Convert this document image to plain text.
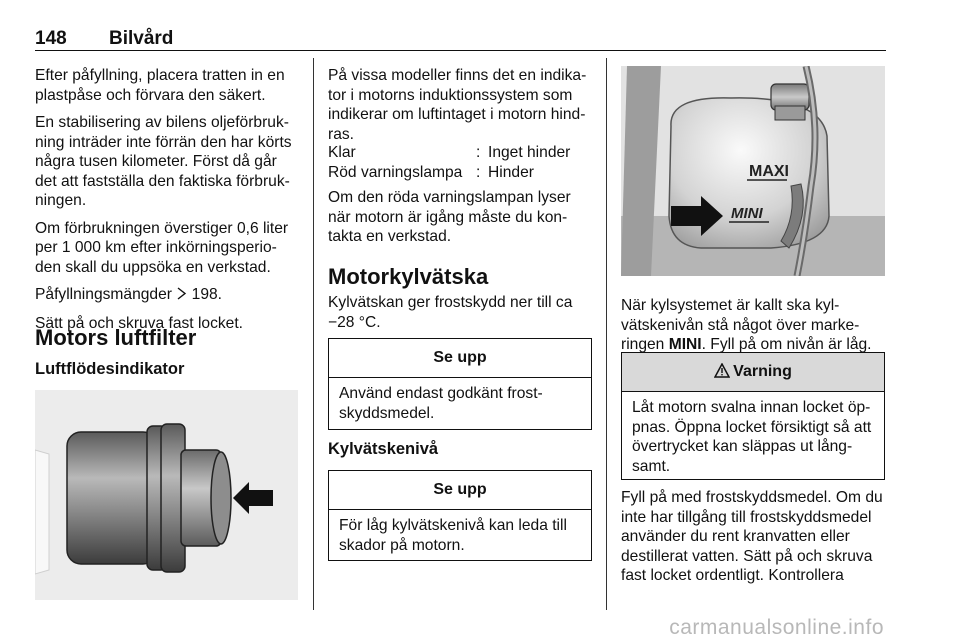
148 Bilvård

Efter påfyllning, placera tratten in en plastpåse och förvara den säkert.

En stabilisering av bilens oljeförbruk-ning inträder inte förrän den har körts några tusen kilometer. Först då går det att fastställa den faktiska förbruk-ningen.

Om förbrukningen överstiger 0,6 liter per 1 000 km efter inkörningsperio-den skall du uppsöka en verkstad.

Påfyllningsmängder 198.

Sätt på och skruva fast locket.

Motors luftfilter
Luftflödesindikator

På vissa modeller finns det en indika-tor i motorns induktionssystem som indikerar om luftintaget i motorn hind-ras.

Klar	: Inget hinder
Röd varningslampa : Hinder

Om den röda varningslampan lyser när motorn är igång måste du kon-takta en verkstad.

Motorkylvätska

Kylvätskan ger frostskydd ner till ca −28 °C.

Se upp
Använd endast godkänt frost-skyddsmedel.
Kylvätskenivå
Se upp
För låg kylvätskenivå kan leda till skador på motorn.
MAXI
MINI

När kylsystemet är kallt ska kyl-vätskenivån stå något över marke-ringen MINI. Fyll på om nivån är låg.

Varning
Låt motorn svalna innan locket öp-pnas. Öppna locket försiktigt så att övertrycket kan släppas ut lång-samt.

Fyll på med frostskyddsmedel. Om du inte har tillgång till frostskyddsmedel använder du rent kranvatten eller destillerat vatten. Sätt på och skruva fast locket ordentligt. Kontrollera

carmanualsonline.info
